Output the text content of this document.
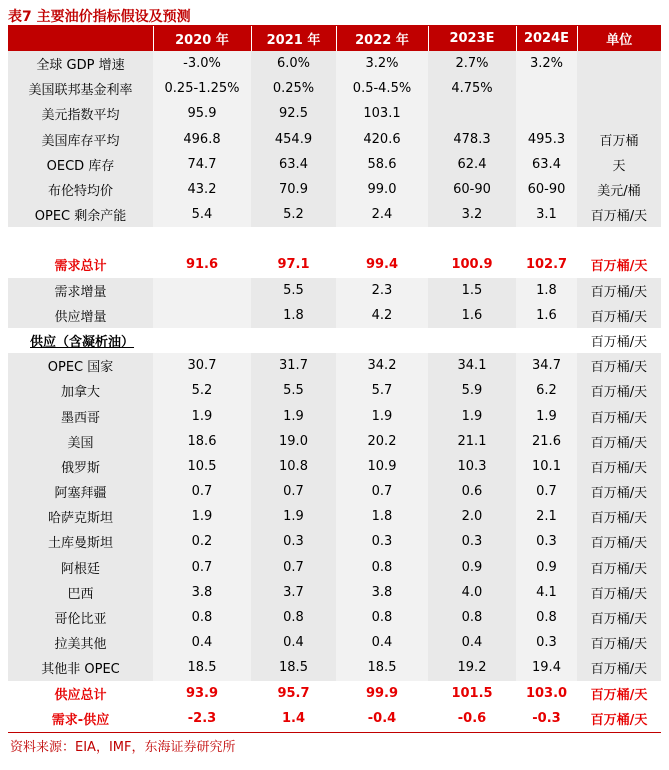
表7 主要油价指标假设及预测
	2020 年	2021 年	2022 年	2023E	2024E	单位
全球 GDP 增速	-3.0%	6.0%	3.2%	2.7%	3.2%	
美国联邦基金利率	0.25-1.25%	0.25%	0.5-4.5%	4.75%		
美元指数平均	95.9	92.5	103.1			
美国库存平均	496.8	454.9	420.6	478.3	495.3	百万桶
OECD 库存	74.7	63.4	58.6	62.4	63.4	天
布伦特均价	43.2	70.9	99.0	60-90	60-90	美元/桶
OPEC 剩余产能	5.4	5.2	2.4	3.2	3.1	百万桶/天

需求总计	91.6	97.1	99.4	100.9	102.7	百万桶/天
需求增量		5.5	2.3	1.5	1.8	百万桶/天
供应增量		1.8	4.2	1.6	1.6	百万桶/天
供应（含凝析油）						百万桶/天
OPEC 国家	30.7	31.7	34.2	34.1	34.7	百万桶/天
加拿大	5.2	5.5	5.7	5.9	6.2	百万桶/天
墨西哥	1.9	1.9	1.9	1.9	1.9	百万桶/天
美国	18.6	19.0	20.2	21.1	21.6	百万桶/天
俄罗斯	10.5	10.8	10.9	10.3	10.1	百万桶/天
阿塞拜疆	0.7	0.7	0.7	0.6	0.7	百万桶/天
哈萨克斯坦	1.9	1.9	1.8	2.0	2.1	百万桶/天
土库曼斯坦	0.2	0.3	0.3	0.3	0.3	百万桶/天
阿根廷	0.7	0.7	0.8	0.9	0.9	百万桶/天
巴西	3.8	3.7	3.8	4.0	4.1	百万桶/天
哥伦比亚	0.8	0.8	0.8	0.8	0.8	百万桶/天
拉美其他	0.4	0.4	0.4	0.4	0.3	百万桶/天
其他非 OPEC	18.5	18.5	18.5	19.2	19.4	百万桶/天
供应总计	93.9	95.7	99.9	101.5	103.0	百万桶/天
需求-供应	-2.3	1.4	-0.4	-0.6	-0.3	百万桶/天
资料来源：EIA，IMF，东海证券研究所
